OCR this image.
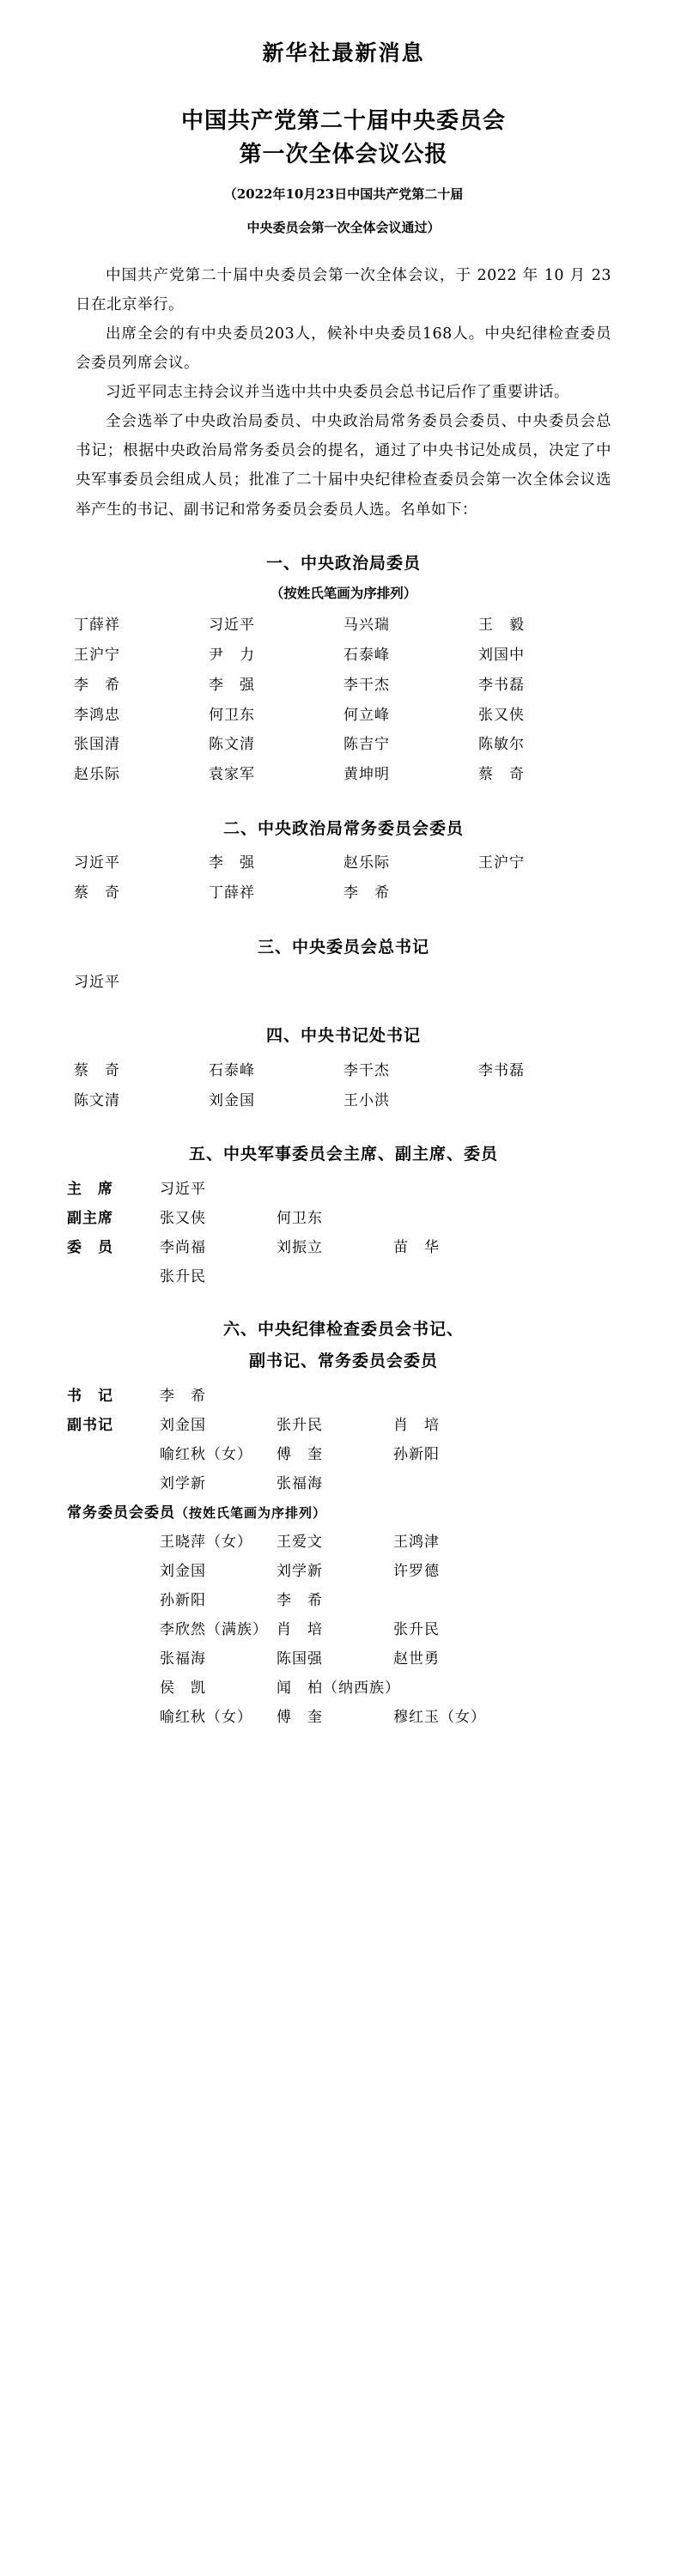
新华社最新消息
中国共产党第二十届中央委员会
第一次全体会议公报
（2022年10月23日中国共产党第二十届
中央委员会第一次全体会议通过）

中国共产党第二十届中央委员会第一次全体会议，于 2022 年 10 月 23 日在北京举行。

出席全会的有中央委员203人，候补中央委员168人。中央纪律检查委员会委员列席会议。

习近平同志主持会议并当选中共中央委员会总书记后作了重要讲话。

全会选举了中央政治局委员、中央政治局常务委员会委员、中央委员会总书记；根据中央政治局常务委员会的提名，通过了中央书记处成员，决定了中央军事委员会组成人员；批准了二十届中央纪律检查委员会第一次全体会议选举产生的书记、副书记和常务委员会委员人选。名单如下：

一、中央政治局委员
（按姓氏笔画为序排列）
丁薛祥	习近平	马兴瑞	王　毅
王沪宁	尹　力	石泰峰	刘国中
李　希	李　强	李干杰	李书磊
李鸿忠	何卫东	何立峰	张又侠
张国清	陈文清	陈吉宁	陈敏尔
赵乐际	袁家军	黄坤明	蔡　奇
二、中央政治局常务委员会委员
习近平	李　强	赵乐际	王沪宁
蔡　奇	丁薛祥	李　希
三、中央委员会总书记
习近平
四、中央书记处书记
蔡　奇	石泰峰	李干杰	李书磊
陈文清	刘金国	王小洪
五、中央军事委员会主席、副主席、委员
主　席	习近平
副主席	张又侠	何卫东
委　员	李尚福	刘振立	苗　华
张升民
六、中央纪律检查委员会书记、
副书记、常务委员会委员
书　记	李　希
副书记	刘金国	张升民	肖　培
喻红秋（女）	傅　奎	孙新阳
刘学新	张福海
常务委员会委员（按姓氏笔画为序排列）
王晓萍（女）	王爱文	王鸿津
刘金国	刘学新	许罗德
孙新阳	李　希
李欣然（满族） 肖　培	张升民
张福海	陈国强	赵世勇
侯　凯	闻　柏（纳西族）
喻红秋（女）	傅　奎	穆红玉（女）
